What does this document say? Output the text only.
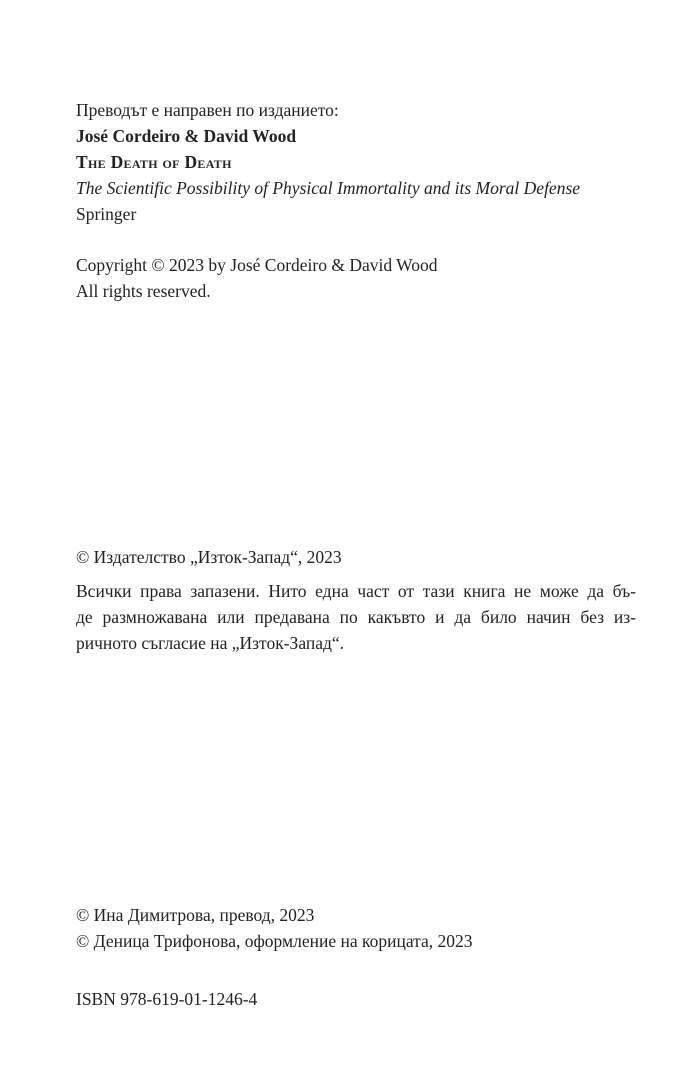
Преводът е направен по изданието:
José Cordeiro & David Wood
The Death of Death
The Scientific Possibility of Physical Immortality and its Moral Defense
Springer
Copyright © 2023 by José Cordeiro & David Wood
All rights reserved.
© Издателство „Изток-Запад“, 2023
Всички права запазени. Нито една част от тази книга не може да бъ-
де размножавана или предавана по какъвто и да било начин без из-
ричното съгласие на „Изток-Запад“.
© Ина Димитрова, превод, 2023
© Деница Трифонова, оформление на корицата, 2023
ISBN 978-619-01-1246-4
